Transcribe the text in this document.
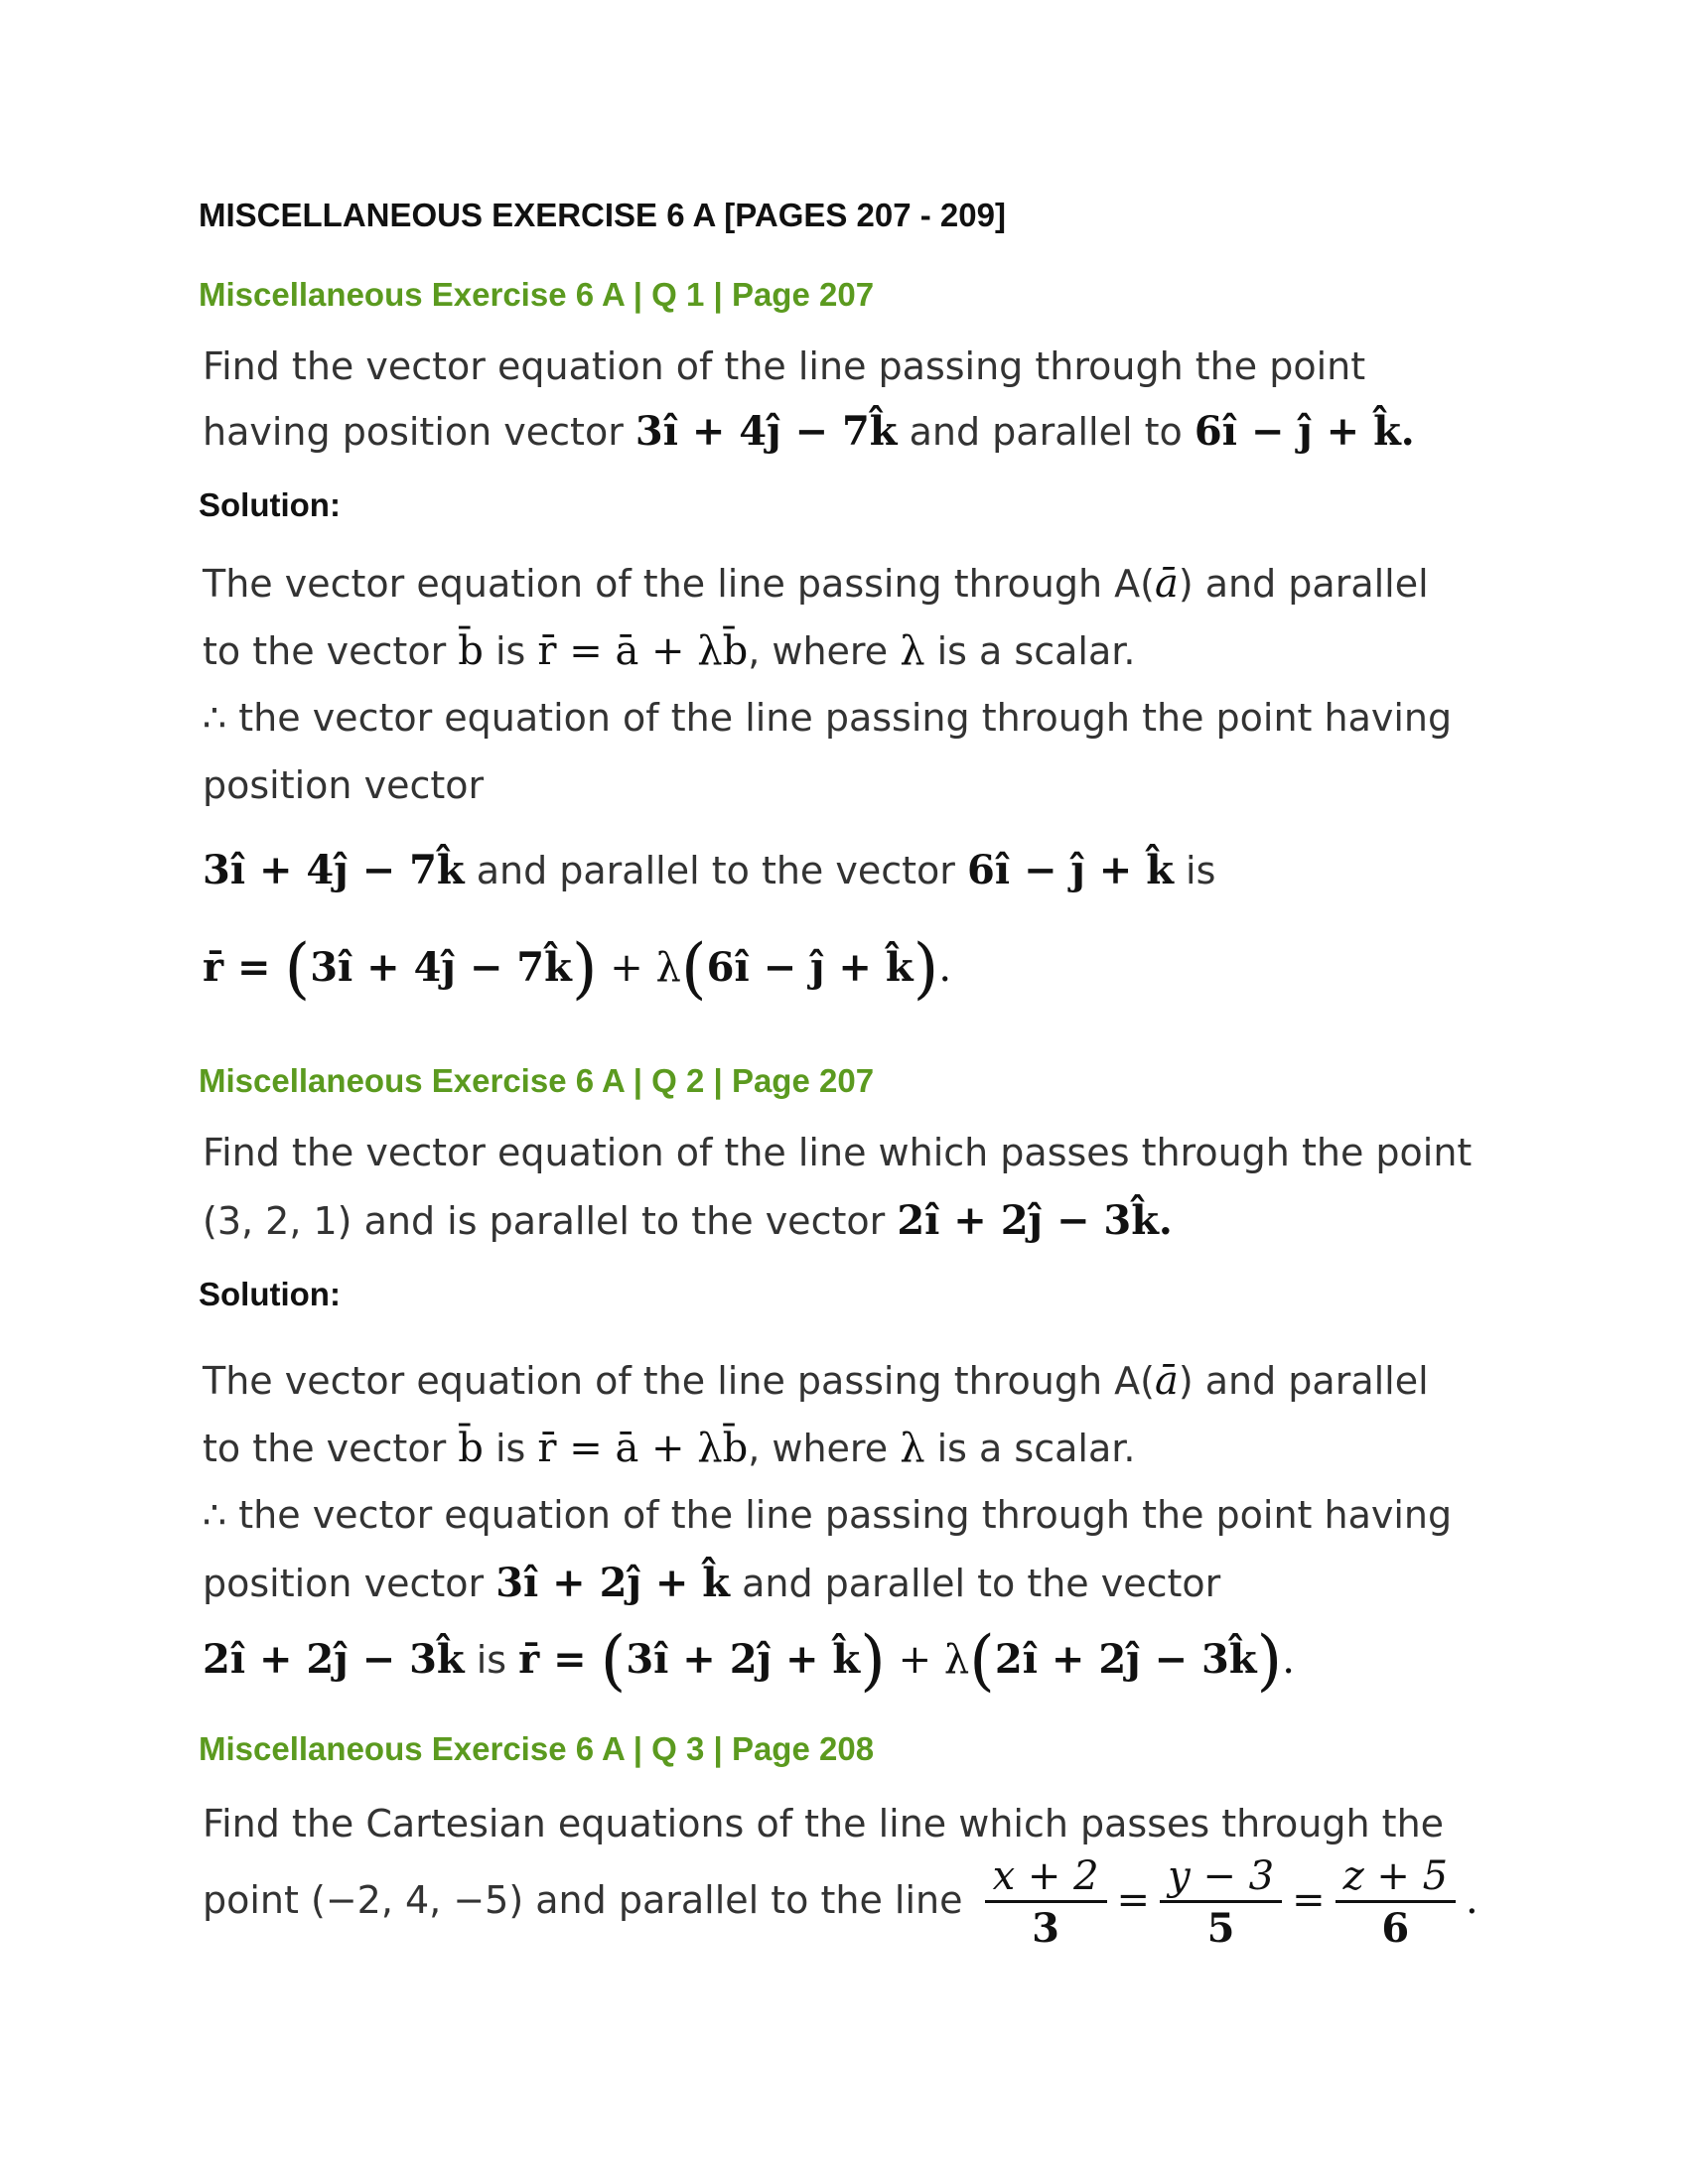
MISCELLANEOUS EXERCISE 6 A [PAGES 207 - 209]
Miscellaneous Exercise 6 A | Q 1 | Page 207
Find the vector equation of the line passing through the point
having position vector 3î + 4ĵ − 7k̂ and parallel to 6î − ĵ + k̂.
Solution:
The vector equation of the line passing through A(ā) and parallel
to the vector b̄ is r̄ = ā + λb̄, where λ is a scalar.
∴ the vector equation of the line passing through the point having
position vector
3î + 4ĵ − 7k̂ and parallel to the vector 6î − ĵ + k̂ is
r̄ = (3î + 4ĵ − 7k̂) + λ(6î − ĵ + k̂).
Miscellaneous Exercise 6 A | Q 2 | Page 207
Find the vector equation of the line which passes through the point
(3, 2, 1) and is parallel to the vector 2î + 2ĵ − 3k̂.
Solution:
The vector equation of the line passing through A(ā) and parallel
to the vector b̄ is r̄ = ā + λb̄, where λ is a scalar.
∴ the vector equation of the line passing through the point having
position vector 3î + 2ĵ + k̂ and parallel to the vector
2î + 2ĵ − 3k̂ is r̄ = (3î + 2ĵ + k̂) + λ(2î + 2ĵ − 3k̂).
Miscellaneous Exercise 6 A | Q 3 | Page 208
Find the Cartesian equations of the line which passes through the
point (−2, 4, −5) and parallel to the line $\frac{x + 2}{3} = \frac{y - 3}{5} = \frac{z + 5}{6}$ .
